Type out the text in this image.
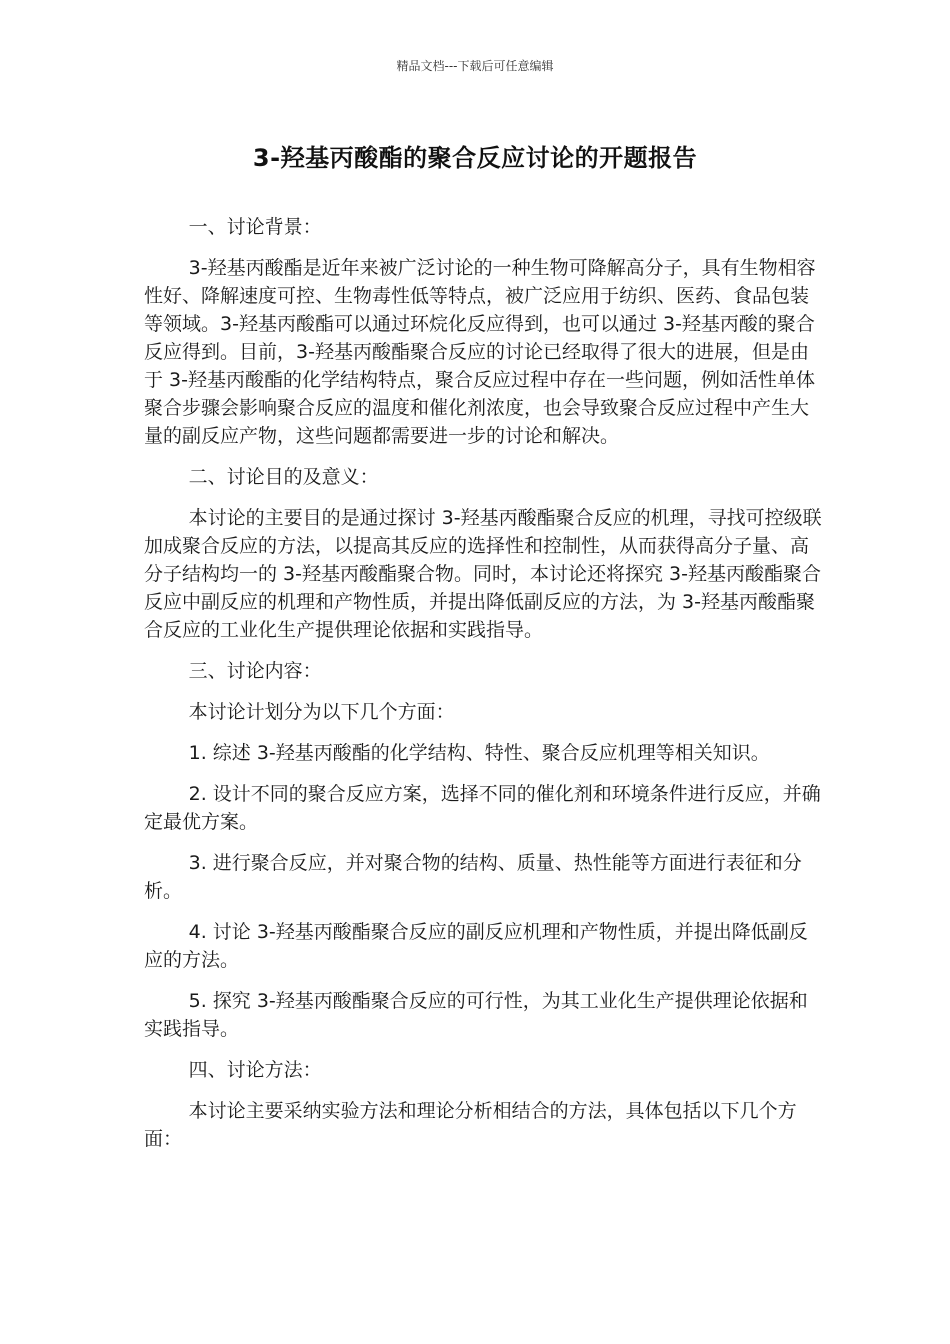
精品文档---下载后可任意编辑
3-羟基丙酸酯的聚合反应讨论的开题报告

一、讨论背景：

3-羟基丙酸酯是近年来被广泛讨论的一种生物可降解高分子，具有生物相容性好、降解速度可控、生物毒性低等特点，被广泛应用于纺织、医药、食品包装等领域。3-羟基丙酸酯可以通过环烷化反应得到，也可以通过 3-羟基丙酸的聚合反应得到。目前，3-羟基丙酸酯聚合反应的讨论已经取得了很大的进展，但是由于 3-羟基丙酸酯的化学结构特点，聚合反应过程中存在一些问题，例如活性单体聚合步骤会影响聚合反应的温度和催化剂浓度，也会导致聚合反应过程中产生大量的副反应产物，这些问题都需要进一步的讨论和解决。

二、讨论目的及意义：

本讨论的主要目的是通过探讨 3-羟基丙酸酯聚合反应的机理，寻找可控级联加成聚合反应的方法，以提高其反应的选择性和控制性，从而获得高分子量、高分子结构均一的 3-羟基丙酸酯聚合物。同时，本讨论还将探究 3-羟基丙酸酯聚合反应中副反应的机理和产物性质，并提出降低副反应的方法，为 3-羟基丙酸酯聚合反应的工业化生产提供理论依据和实践指导。

三、讨论内容：

本讨论计划分为以下几个方面：

1. 综述 3-羟基丙酸酯的化学结构、特性、聚合反应机理等相关知识。

2. 设计不同的聚合反应方案，选择不同的催化剂和环境条件进行反应，并确定最优方案。

3. 进行聚合反应，并对聚合物的结构、质量、热性能等方面进行表征和分析。

4. 讨论 3-羟基丙酸酯聚合反应的副反应机理和产物性质，并提出降低副反应的方法。

5. 探究 3-羟基丙酸酯聚合反应的可行性，为其工业化生产提供理论依据和实践指导。

四、讨论方法：

本讨论主要采纳实验方法和理论分析相结合的方法，具体包括以下几个方面：
